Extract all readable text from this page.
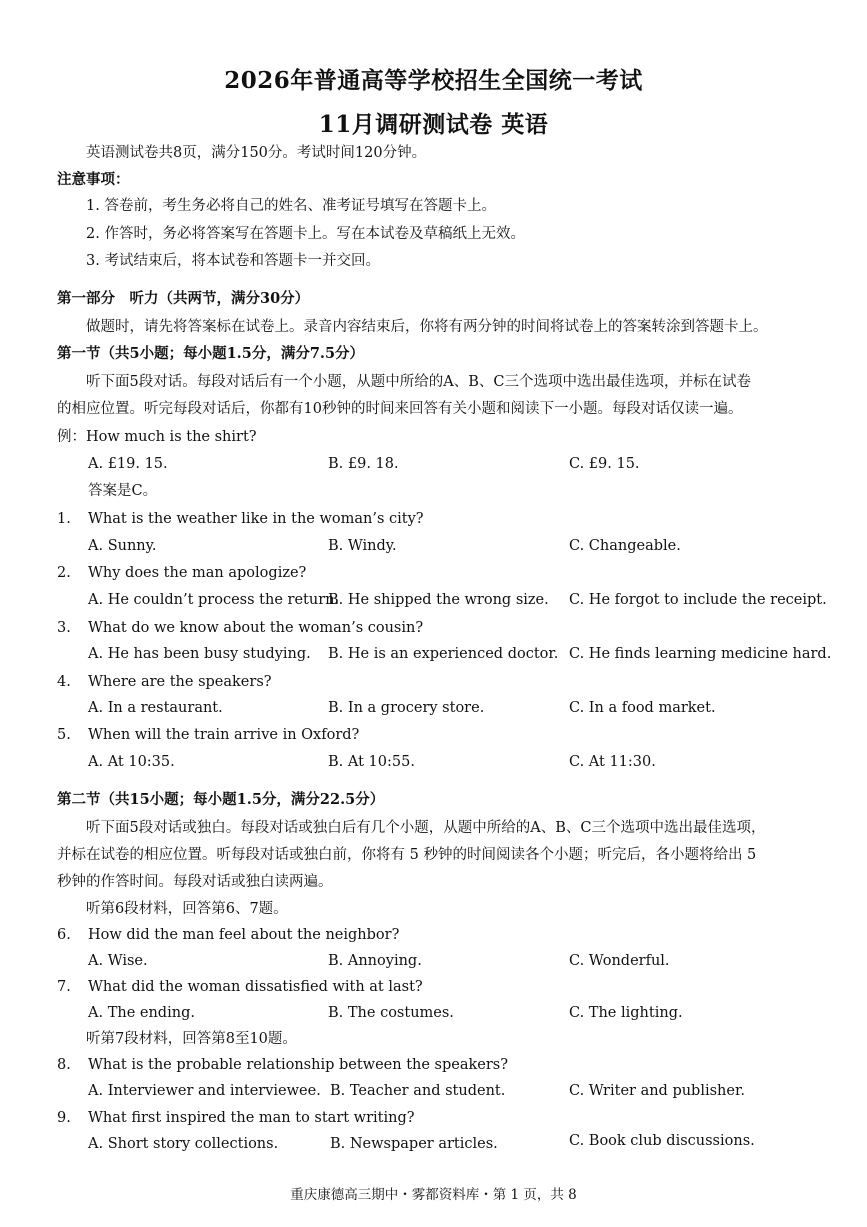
2026年普通高等学校招生全国统一考试
11月调研测试卷 英语
英语测试卷共8页，满分150分。考试时间120分钟。
注意事项：
1. 答卷前，考生务必将自己的姓名、准考证号填写在答题卡上。
2. 作答时，务必将答案写在答题卡上。写在本试卷及草稿纸上无效。
3. 考试结束后，将本试卷和答题卡一并交回。
第一部分　听力（共两节，满分30分）
做题时，请先将答案标在试卷上。录音内容结束后，你将有两分钟的时间将试卷上的答案转涂到答题卡上。
第一节（共5小题；每小题1.5分，满分7.5分）
听下面5段对话。每段对话后有一个小题，从题中所给的A、B、C三个选项中选出最佳选项，并标在试卷
的相应位置。听完每段对话后，你都有10秒钟的时间来回答有关小题和阅读下一小题。每段对话仅读一遍。
例：How much is the shirt?
A. £19. 15.	B. £9. 18.	C. £9. 15.
答案是C。
1. What is the weather like in the woman’s city?
A. Sunny.	B. Windy.	C. Changeable.
2. Why does the man apologize?
A. He couldn’t process the return.
B. He shipped the wrong size. C. He forgot to include the receipt.
3. What do we know about the woman’s cousin?
A. He has been busy studying. B. He is an experienced doctor. C. He finds learning medicine hard.
4. Where are the speakers?
A. In a restaurant.	B. In a grocery store.	C. In a food market.
5. When will the train arrive in Oxford?
A. At 10:35.	B. At 10:55.	C. At 11:30.
第二节（共15小题；每小题1.5分，满分22.5分）
听下面5段对话或独白。每段对话或独白后有几个小题，从题中所给的A、B、C三个选项中选出最佳选项，
并标在试卷的相应位置。听每段对话或独白前，你将有 5 秒钟的时间阅读各个小题；听完后，各小题将给出 5
秒钟的作答时间。每段对话或独白读两遍。
听第6段材料，回答第6、7题。
6. How did the man feel about the neighbor?
A. Wise.	B. Annoying.	C. Wonderful.
7. What did the woman dissatisfied with at last?
A. The ending.	B. The costumes.	C. The lighting.
听第7段材料，回答第8至10题。
8. What is the probable relationship between the speakers?
A. Interviewer and interviewee. B. Teacher and student.	C. Writer and publisher.
9. What first inspired the man to start writing?
A. Short story collections.	B. Newspaper articles.	C. Book club discussions.
重庆康德高三期中・雾都资料库・第 1 页，共 8
